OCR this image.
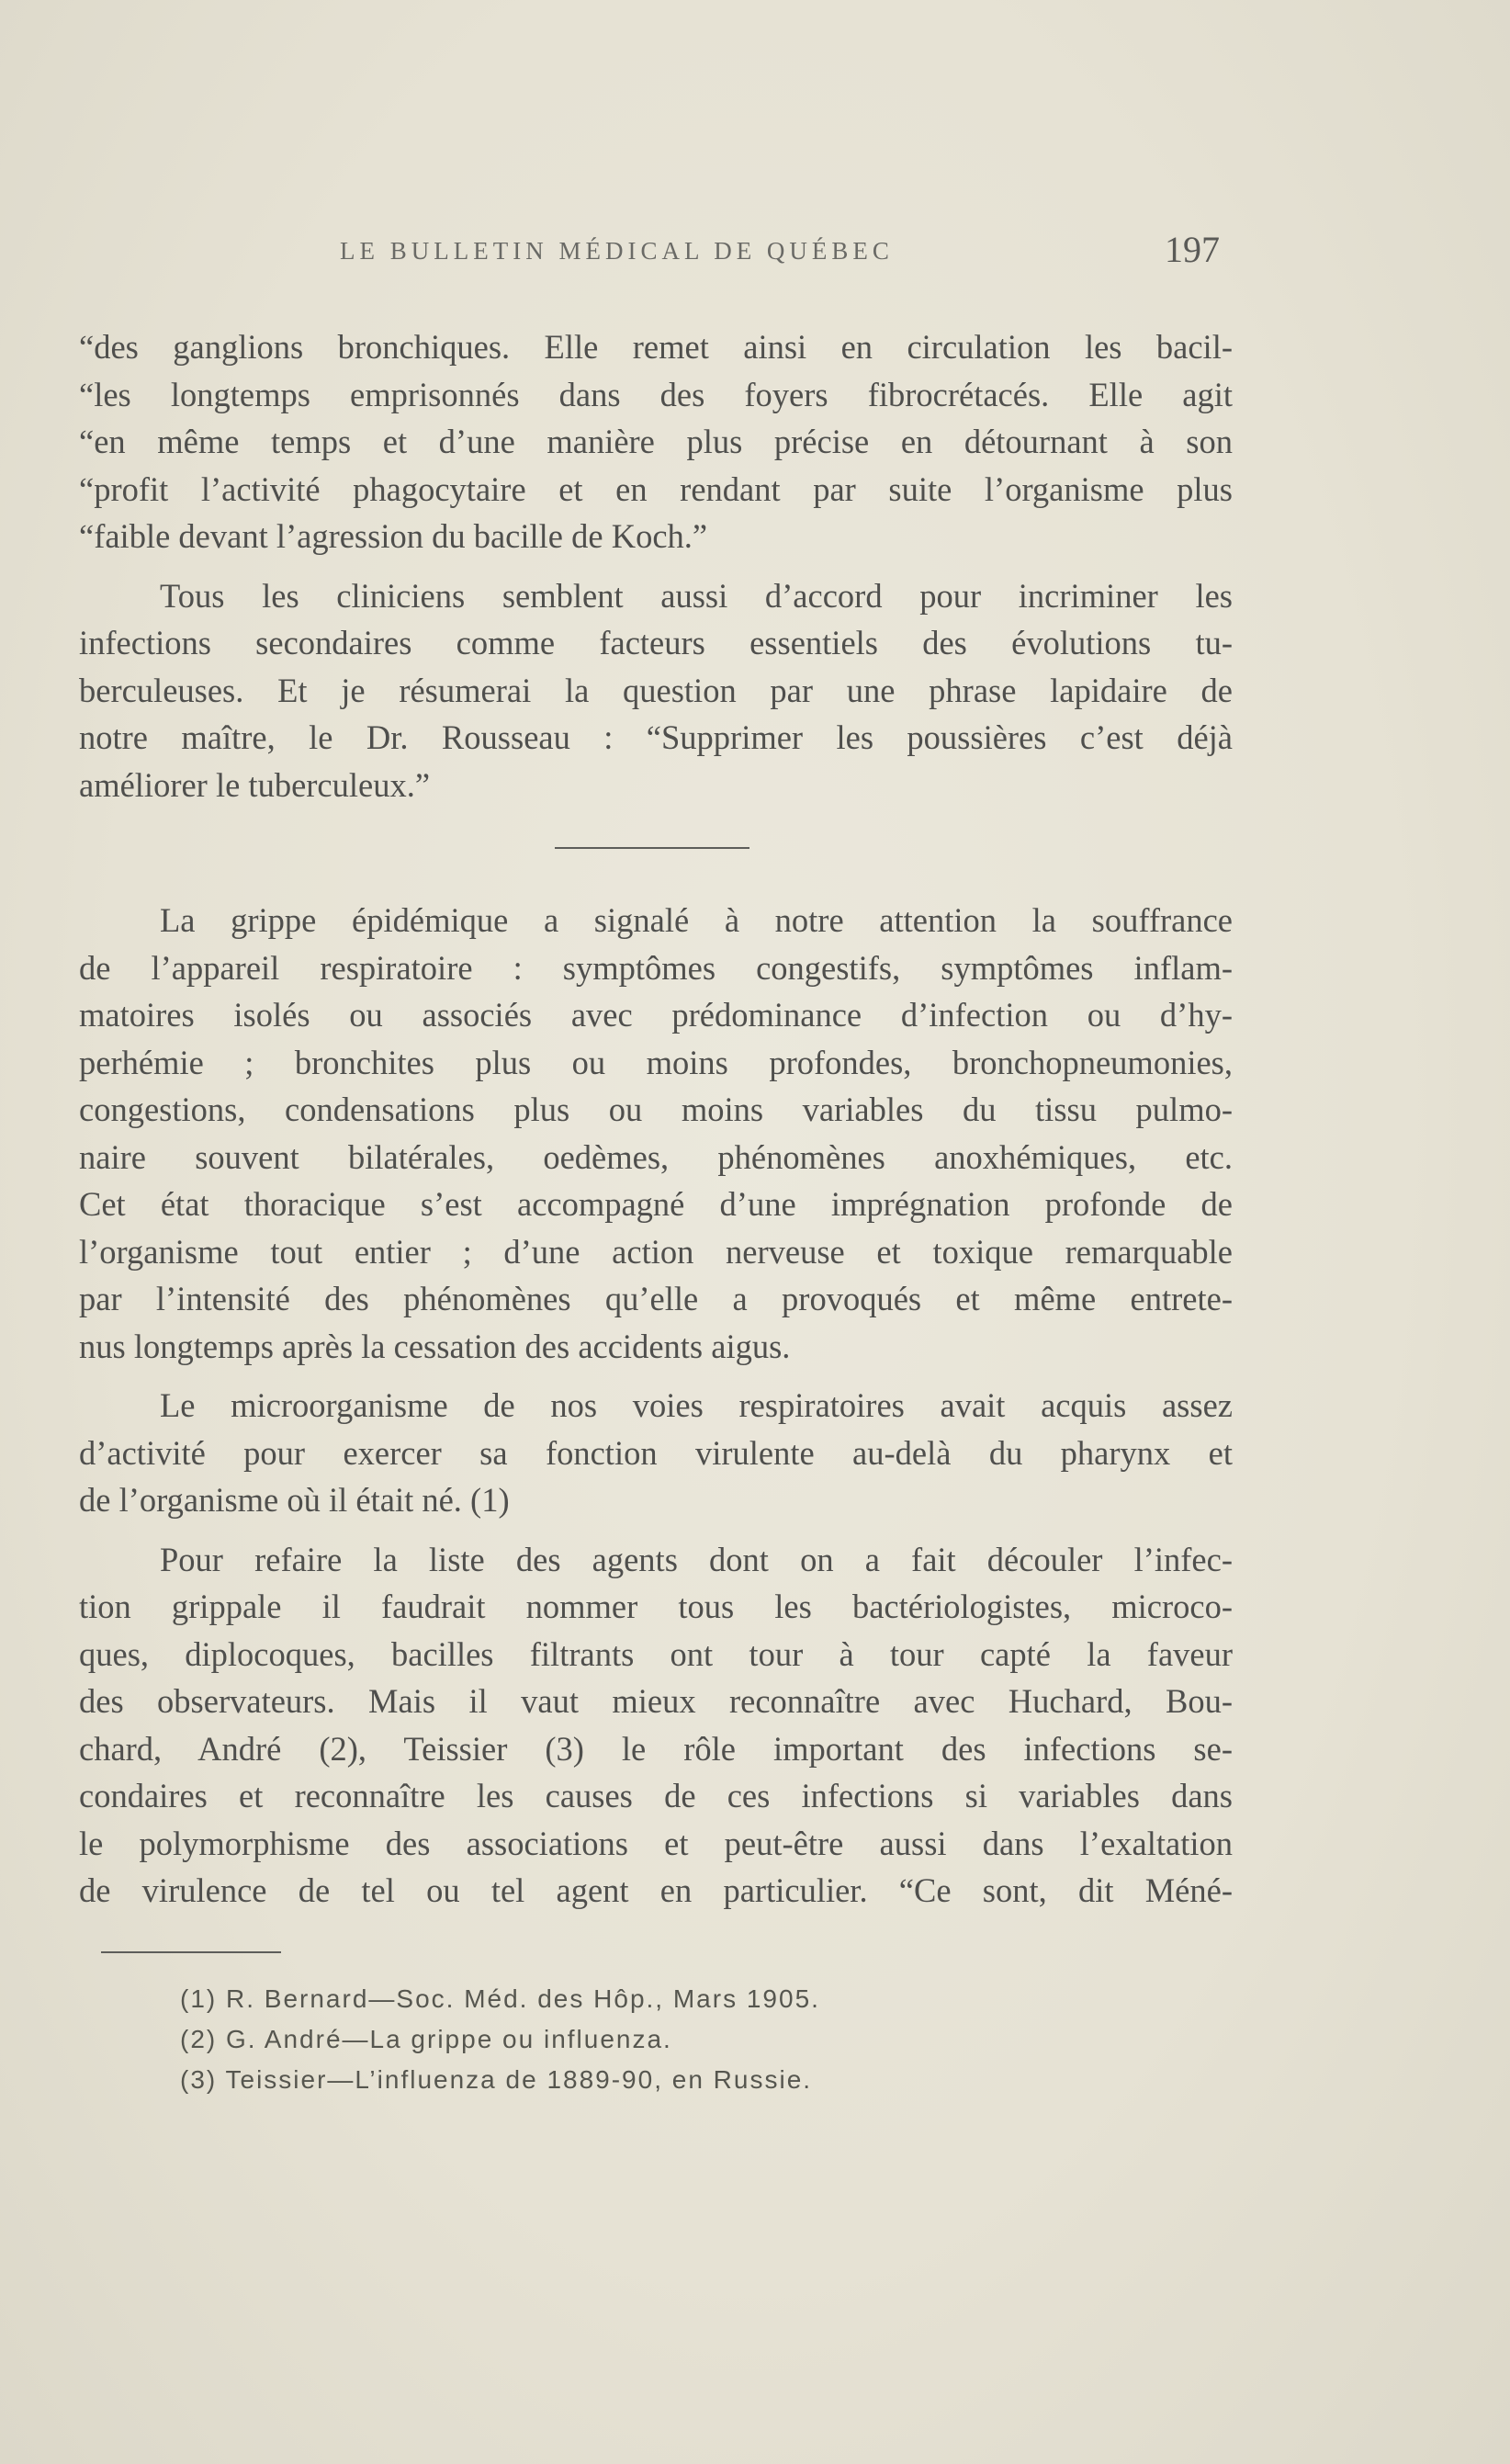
LE BULLETIN MÉDICAL DE QUÉBEC	197
“des ganglions bronchiques. Elle remet ainsi en circulation les bacil-
“les longtemps emprisonnés dans des foyers fibrocrétacés. Elle agit
“en même temps et d’une manière plus précise en détournant à son
“profit l’activité phagocytaire et en rendant par suite l’organisme plus
“faible devant l’agression du bacille de Koch.”
Tous les cliniciens semblent aussi d’accord pour incriminer les
infections secondaires comme facteurs essentiels des évolutions tu-
berculeuses. Et je résumerai la question par une phrase lapidaire de
notre maître, le Dr. Rousseau : “Supprimer les poussières c’est déjà
améliorer le tuberculeux.”
La grippe épidémique a signalé à notre attention la souffrance
de l’appareil respiratoire : symptômes congestifs, symptômes inflam-
matoires isolés ou associés avec prédominance d’infection ou d’hy-
perhémie ; bronchites plus ou moins profondes, bronchopneumonies,
congestions, condensations plus ou moins variables du tissu pulmo-
naire souvent bilatérales, oedèmes, phénomènes anoxhémiques, etc.
Cet état thoracique s’est accompagné d’une imprégnation profonde de
l’organisme tout entier ; d’une action nerveuse et toxique remarquable
par l’intensité des phénomènes qu’elle a provoqués et même entrete-
nus longtemps après la cessation des accidents aigus.
Le microorganisme de nos voies respiratoires avait acquis assez
d’activité pour exercer sa fonction virulente au-delà du pharynx et
de l’organisme où il était né. (1)
Pour refaire la liste des agents dont on a fait découler l’infec-
tion grippale il faudrait nommer tous les bactériologistes, microco-
ques, diplocoques, bacilles filtrants ont tour à tour capté la faveur
des observateurs. Mais il vaut mieux reconnaître avec Huchard, Bou-
chard, André (2), Teissier (3) le rôle important des infections se-
condaires et reconnaître les causes de ces infections si variables dans
le polymorphisme des associations et peut-être aussi dans l’exaltation
de virulence de tel ou tel agent en particulier. “Ce sont, dit Méné-

(1) R. Bernard—Soc. Méd. des Hôp., Mars 1905.

(2) G. André—La grippe ou influenza.

(3) Teissier—L’influenza de 1889-90, en Russie.
